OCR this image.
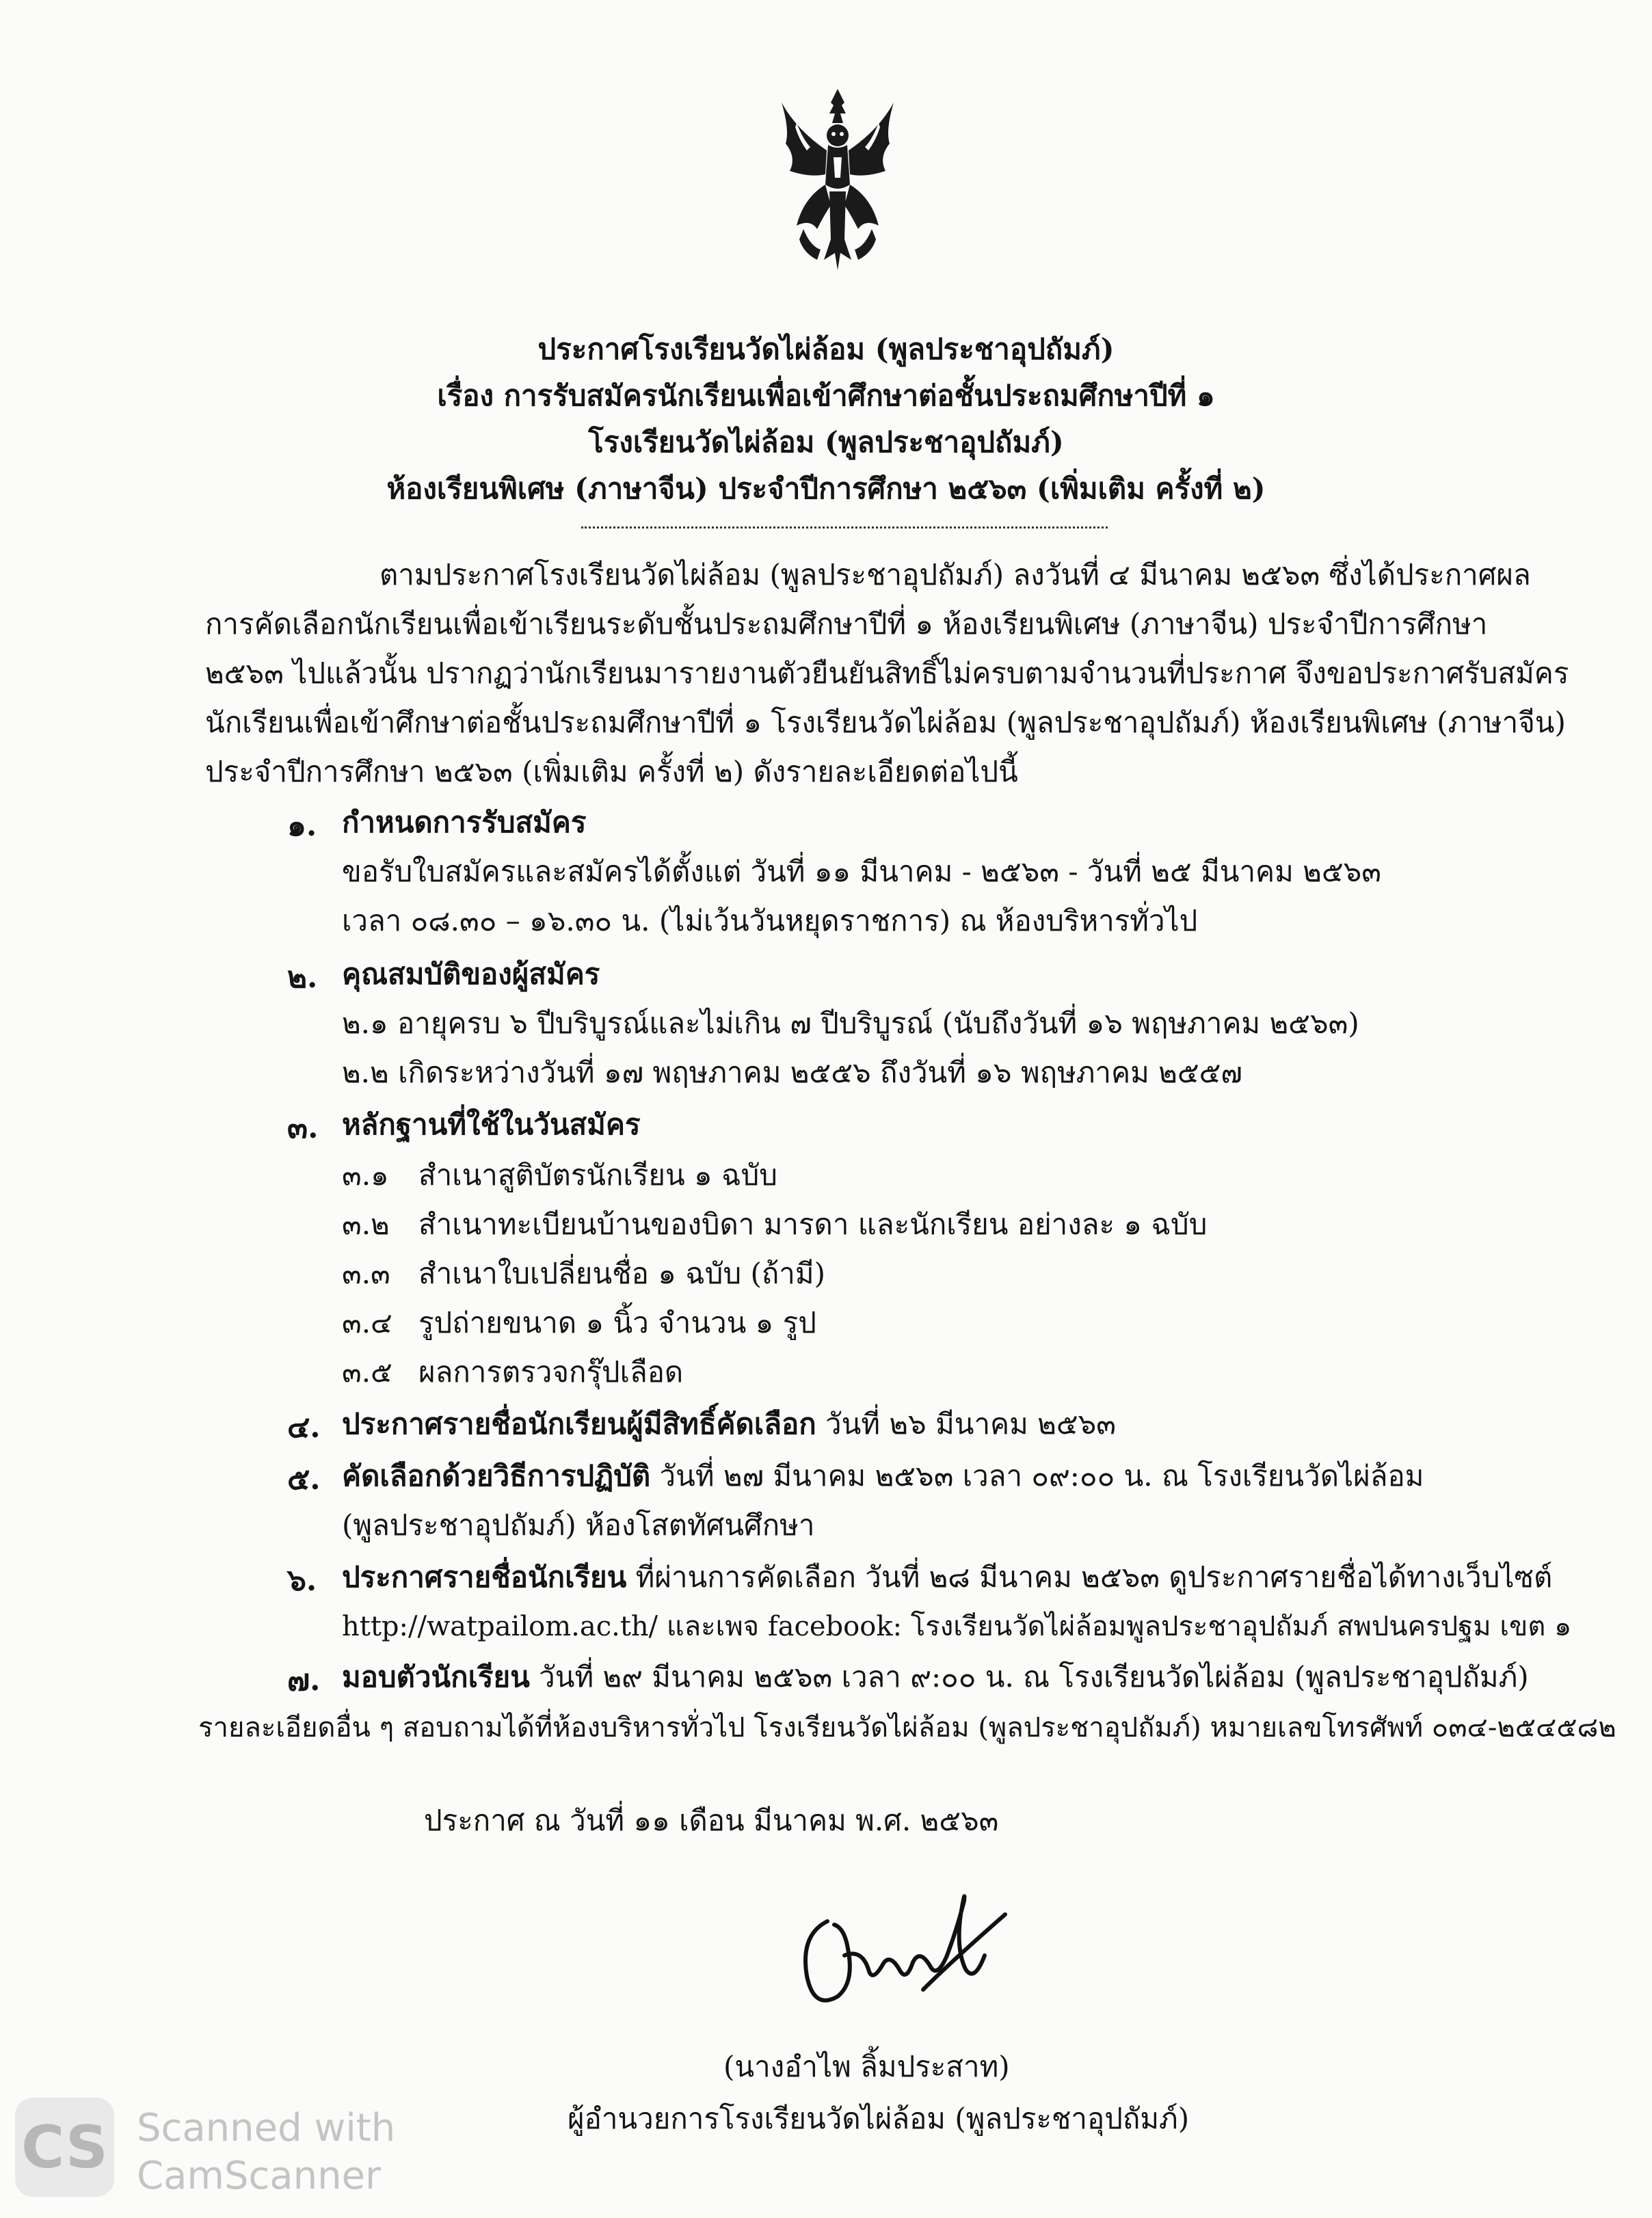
ประกาศโรงเรียนวัดไผ่ล้อม (พูลประชาอุปถัมภ์)
เรื่อง การรับสมัครนักเรียนเพื่อเข้าศึกษาต่อชั้นประถมศึกษาปีที่ ๑
โรงเรียนวัดไผ่ล้อม (พูลประชาอุปถัมภ์)
ห้องเรียนพิเศษ (ภาษาจีน) ประจำปีการศึกษา ๒๕๖๓ (เพิ่มเติม ครั้งที่ ๒)
ตามประกาศโรงเรียนวัดไผ่ล้อม (พูลประชาอุปถัมภ์) ลงวันที่ ๔ มีนาคม ๒๕๖๓ ซึ่งได้ประกาศผล
การคัดเลือกนักเรียนเพื่อเข้าเรียนระดับชั้นประถมศึกษาปีที่ ๑ ห้องเรียนพิเศษ (ภาษาจีน) ประจำปีการศึกษา
๒๕๖๓ ไปแล้วนั้น ปรากฏว่านักเรียนมารายงานตัวยืนยันสิทธิ์ไม่ครบตามจำนวนที่ประกาศ จึงขอประกาศรับสมัคร
นักเรียนเพื่อเข้าศึกษาต่อชั้นประถมศึกษาปีที่ ๑ โรงเรียนวัดไผ่ล้อม (พูลประชาอุปถัมภ์) ห้องเรียนพิเศษ (ภาษาจีน)
ประจำปีการศึกษา ๒๕๖๓ (เพิ่มเติม ครั้งที่ ๒) ดังรายละเอียดต่อไปนี้
๑. กำหนดการรับสมัคร
ขอรับใบสมัครและสมัครได้ตั้งแต่ วันที่ ๑๑ มีนาคม - ๒๕๖๓ - วันที่ ๒๕ มีนาคม ๒๕๖๓
เวลา ๐๘.๓๐ – ๑๖.๓๐ น. (ไม่เว้นวันหยุดราชการ) ณ ห้องบริหารทั่วไป
๒. คุณสมบัติของผู้สมัคร
๒.๑ อายุครบ ๖ ปีบริบูรณ์และไม่เกิน ๗ ปีบริบูรณ์ (นับถึงวันที่ ๑๖ พฤษภาคม ๒๕๖๓)
๒.๒ เกิดระหว่างวันที่ ๑๗ พฤษภาคม ๒๕๕๖ ถึงวันที่ ๑๖ พฤษภาคม ๒๕๕๗
๓. หลักฐานที่ใช้ในวันสมัคร
๓.๑ สำเนาสูติบัตรนักเรียน ๑ ฉบับ
๓.๒ สำเนาทะเบียนบ้านของบิดา มารดา และนักเรียน อย่างละ ๑ ฉบับ
๓.๓ สำเนาใบเปลี่ยนชื่อ ๑ ฉบับ (ถ้ามี)
๓.๔ รูปถ่ายขนาด ๑ นิ้ว จำนวน ๑ รูป
๓.๕ ผลการตรวจกรุ๊ปเลือด
๔. ประกาศรายชื่อนักเรียนผู้มีสิทธิ์คัดเลือก วันที่ ๒๖ มีนาคม ๒๕๖๓
๕. คัดเลือกด้วยวิธีการปฏิบัติ วันที่ ๒๗ มีนาคม ๒๕๖๓ เวลา ๐๙:๐๐ น. ณ โรงเรียนวัดไผ่ล้อม
(พูลประชาอุปถัมภ์) ห้องโสตทัศนศึกษา
๖. ประกาศรายชื่อนักเรียน ที่ผ่านการคัดเลือก วันที่ ๒๘ มีนาคม ๒๕๖๓ ดูประกาศรายชื่อได้ทางเว็บไซต์
http://watpailom.ac.th/ และเพจ facebook: โรงเรียนวัดไผ่ล้อมพูลประชาอุปถัมภ์ สพปนครปฐม เขต ๑
๗. มอบตัวนักเรียน วันที่ ๒๙ มีนาคม ๒๕๖๓ เวลา ๙:๐๐ น. ณ โรงเรียนวัดไผ่ล้อม (พูลประชาอุปถัมภ์)
รายละเอียดอื่น ๆ สอบถามได้ที่ห้องบริหารทั่วไป โรงเรียนวัดไผ่ล้อม (พูลประชาอุปถัมภ์) หมายเลขโทรศัพท์ ๐๓๔-๒๕๔๕๘๒
ประกาศ ณ วันที่ ๑๑ เดือน มีนาคม พ.ศ. ๒๕๖๓
(นางอำไพ ลิ้มประสาท)
ผู้อำนวยการโรงเรียนวัดไผ่ล้อม (พูลประชาอุปถัมภ์)
CS Scanned with
CamScanner
